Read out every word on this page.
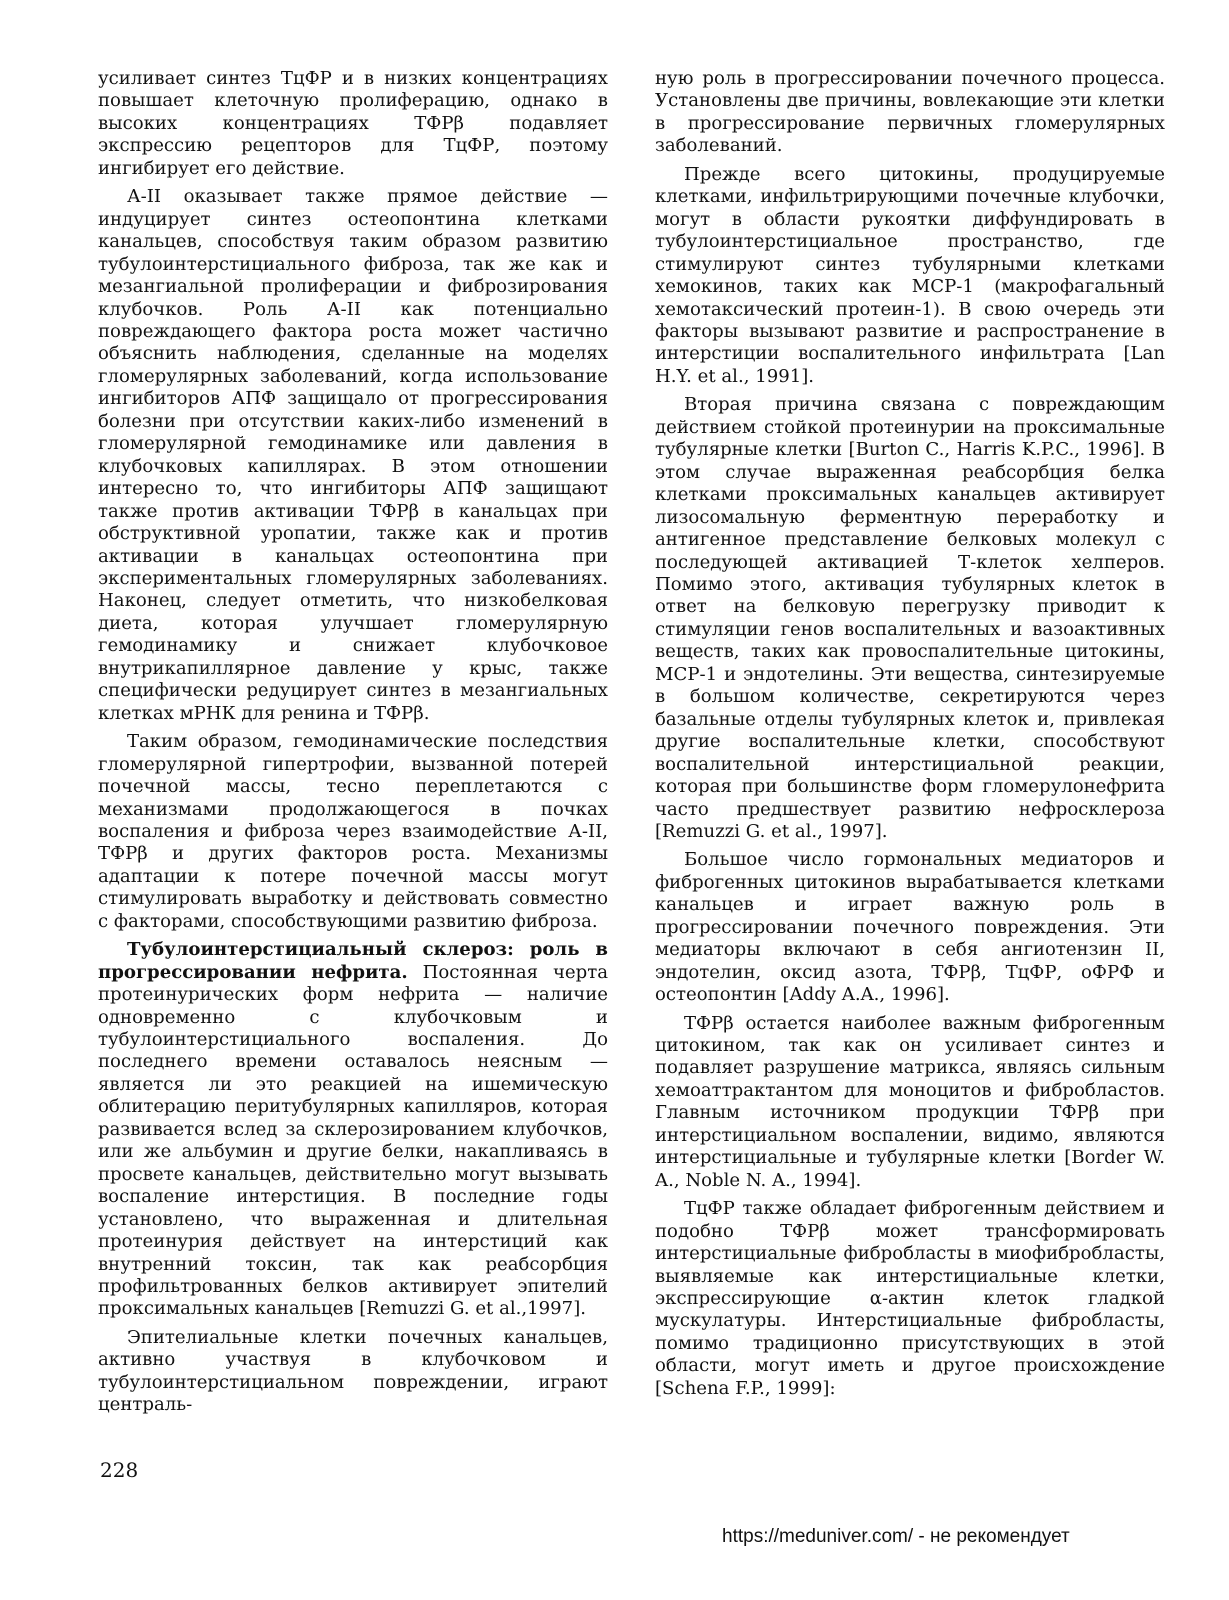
усиливает синтез ТцФР и в низких концентрациях повышает клеточную пролиферацию, однако в высоких концентрациях ТФРβ подавляет экспрессию рецепторов для ТцФР, поэтому ингибирует его действие.

А-II оказывает также прямое действие — индуцирует синтез остеопонтина клетками канальцев, способствуя таким образом развитию тубулоинтерстициального фиброза, так же как и мезангиальной пролиферации и фиброзирования клубочков. Роль А-II как потенциально повреждающего фактора роста может частично объяснить наблюдения, сделанные на моделях гломерулярных заболеваний, когда использование ингибиторов АПФ защищало от прогрессирования болезни при отсутствии каких-либо изменений в гломерулярной гемодинамике или давления в клубочковых капиллярах. В этом отношении интересно то, что ингибиторы АПФ защищают также против активации ТФРβ в канальцах при обструктивной уропатии, также как и против активации в канальцах остеопонтина при экспериментальных гломерулярных заболеваниях. Наконец, следует отметить, что низкобелковая диета, которая улучшает гломерулярную гемодинамику и снижает клубочковое внутрикапиллярное давление у крыс, также специфически редуцирует синтез в мезангиальных клетках мРНК для ренина и ТФРβ.

Таким образом, гемодинамические последствия гломерулярной гипертрофии, вызванной потерей почечной массы, тесно переплетаются с механизмами продолжающегося в почках воспаления и фиброза через взаимодействие А-II, ТФРβ и других факторов роста. Механизмы адаптации к потере почечной массы могут стимулировать выработку и действовать совместно с факторами, способствующими развитию фиброза.

Тубулоинтерстициальный склероз: роль в прогрессировании нефрита. Постоянная черта протеинурических форм нефрита — наличие одновременно с клубочковым и тубулоинтерстициального воспаления. До последнего времени оставалось неясным — является ли это реакцией на ишемическую облитерацию перитубулярных капилляров, которая развивается вслед за склерозированием клубочков, или же альбумин и другие белки, накапливаясь в просвете канальцев, действительно могут вызывать воспаление интерстиция. В последние годы установлено, что выраженная и длительная протеинурия действует на интерстиций как внутренний токсин, так как реабсорбция профильтрованных белков активирует эпителий проксимальных канальцев [Remuzzi G. et al.,1997].

Эпителиальные клетки почечных канальцев, активно участвуя в клубочковом и тубулоинтерстициальном повреждении, играют централь-

ную роль в прогрессировании почечного процесса. Установлены две причины, вовлекающие эти клетки в прогрессирование первичных гломерулярных заболеваний.

Прежде всего цитокины, продуцируемые клетками, инфильтрирующими почечные клубочки, могут в области рукоятки диффундировать в тубулоинтерстициальное пространство, где стимулируют синтез тубулярными клетками хемокинов, таких как МСР-1 (макрофагальный хемотаксический протеин-1). В свою очередь эти факторы вызывают развитие и распространение в интерстиции воспалительного инфильтрата [Lan H.Y. et al., 1991].

Вторая причина связана с повреждающим действием стойкой протеинурии на проксимальные тубулярные клетки [Burton C., Harris K.P.C., 1996]. В этом случае выраженная реабсорбция белка клетками проксимальных канальцев активирует лизосомальную ферментную переработку и антигенное представление белковых молекул с последующей активацией Т-клеток хелперов. Помимо этого, активация тубулярных клеток в ответ на белковую перегрузку приводит к стимуляции генов воспалительных и вазоактивных веществ, таких как провоспалительные цитокины, МСР-1 и эндотелины. Эти вещества, синтезируемые в большом количестве, секретируются через базальные отделы тубулярных клеток и, привлекая другие воспалительные клетки, способствуют воспалительной интерстициальной реакции, которая при большинстве форм гломерулонефрита часто предшествует развитию нефросклероза [Remuzzi G. et al., 1997].

Большое число гормональных медиаторов и фиброгенных цитокинов вырабатывается клетками канальцев и играет важную роль в прогрессировании почечного повреждения. Эти медиаторы включают в себя ангиотензин II, эндотелин, оксид азота, ТФРβ, ТцФР, оФРФ и остеопонтин [Addy A.A., 1996].

ТФРβ остается наиболее важным фиброгенным цитокином, так как он усиливает синтез и подавляет разрушение матрикса, являясь сильным хемоаттрактантом для моноцитов и фибробластов. Главным источником продукции ТФРβ при интерстициальном воспалении, видимо, являются интерстициальные и тубулярные клетки [Border W. A., Noble N. A., 1994].

ТцФР также обладает фиброгенным действием и подобно ТФРβ может трансформировать интерстициальные фибробласты в миофибробласты, выявляемые как интерстициальные клетки, экспрессирующие α-актин клеток гладкой мускулатуры. Интерстициальные фибробласты, помимо традиционно присутствующих в этой области, могут иметь и другое происхождение [Schena F.P., 1999]:

228
https://meduniver.com/ - не рекомендует
